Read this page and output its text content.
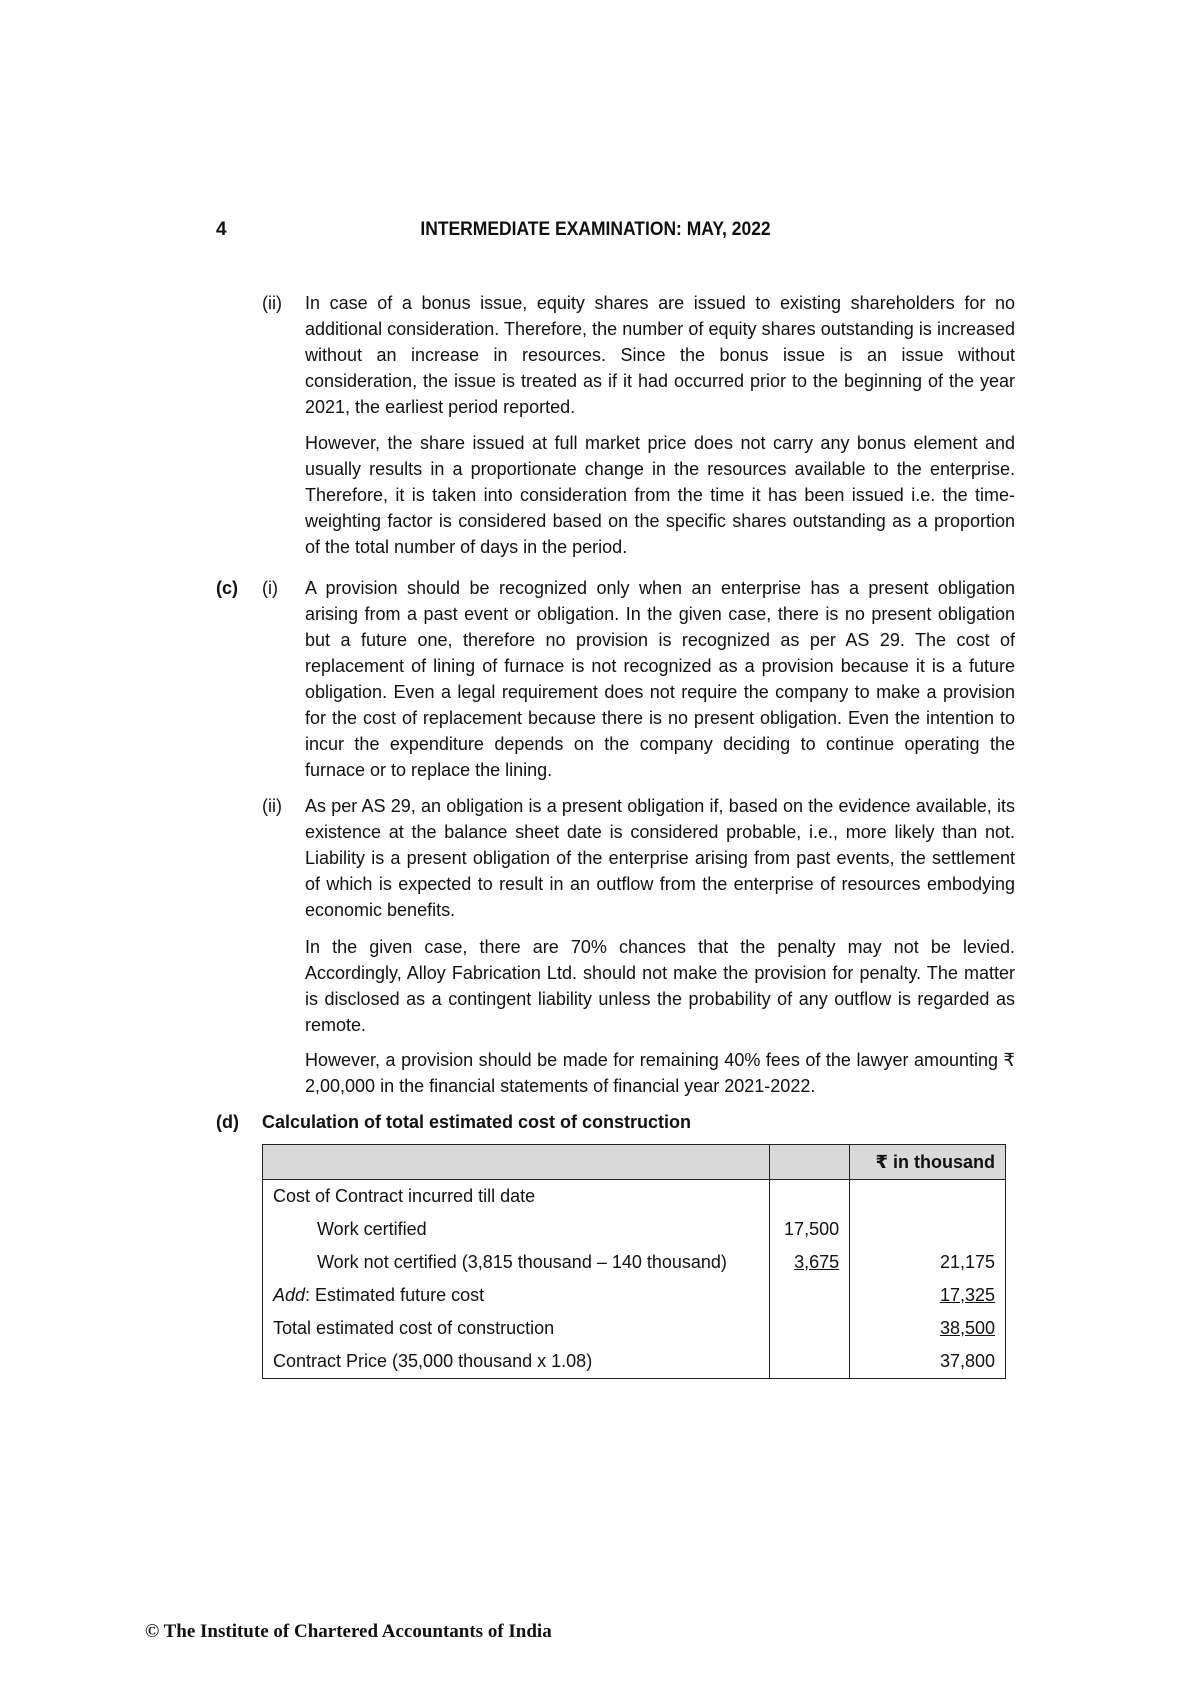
4	INTERMEDIATE EXAMINATION: MAY, 2022
(ii) In case of a bonus issue, equity shares are issued to existing shareholders for no additional consideration. Therefore, the number of equity shares outstanding is increased without an increase in resources. Since the bonus issue is an issue without consideration, the issue is treated as if it had occurred prior to the beginning of the year 2021, the earliest period reported.
However, the share issued at full market price does not carry any bonus element and usually results in a proportionate change in the resources available to the enterprise. Therefore, it is taken into consideration from the time it has been issued i.e. the time-weighting factor is considered based on the specific shares outstanding as a proportion of the total number of days in the period.
(c) (i) A provision should be recognized only when an enterprise has a present obligation arising from a past event or obligation. In the given case, there is no present obligation but a future one, therefore no provision is recognized as per AS 29. The cost of replacement of lining of furnace is not recognized as a provision because it is a future obligation. Even a legal requirement does not require the company to make a provision for the cost of replacement because there is no present obligation. Even the intention to incur the expenditure depends on the company deciding to continue operating the furnace or to replace the lining.
(ii) As per AS 29, an obligation is a present obligation if, based on the evidence available, its existence at the balance sheet date is considered probable, i.e., more likely than not. Liability is a present obligation of the enterprise arising from past events, the settlement of which is expected to result in an outflow from the enterprise of resources embodying economic benefits.
In the given case, there are 70% chances that the penalty may not be levied. Accordingly, Alloy Fabrication Ltd. should not make the provision for penalty. The matter is disclosed as a contingent liability unless the probability of any outflow is regarded as remote.
However, a provision should be made for remaining 40% fees of the lawyer amounting ₹ 2,00,000 in the financial statements of financial year 2021-2022.
(d) Calculation of total estimated cost of construction
		₹ in thousand
Cost of Contract incurred till date		
Work certified	17,500	
Work not certified (3,815 thousand – 140 thousand)	3,675	21,175
Add: Estimated future cost		17,325
Total estimated cost of construction		38,500
Contract Price (35,000 thousand x 1.08)		37,800
© The Institute of Chartered Accountants of India
